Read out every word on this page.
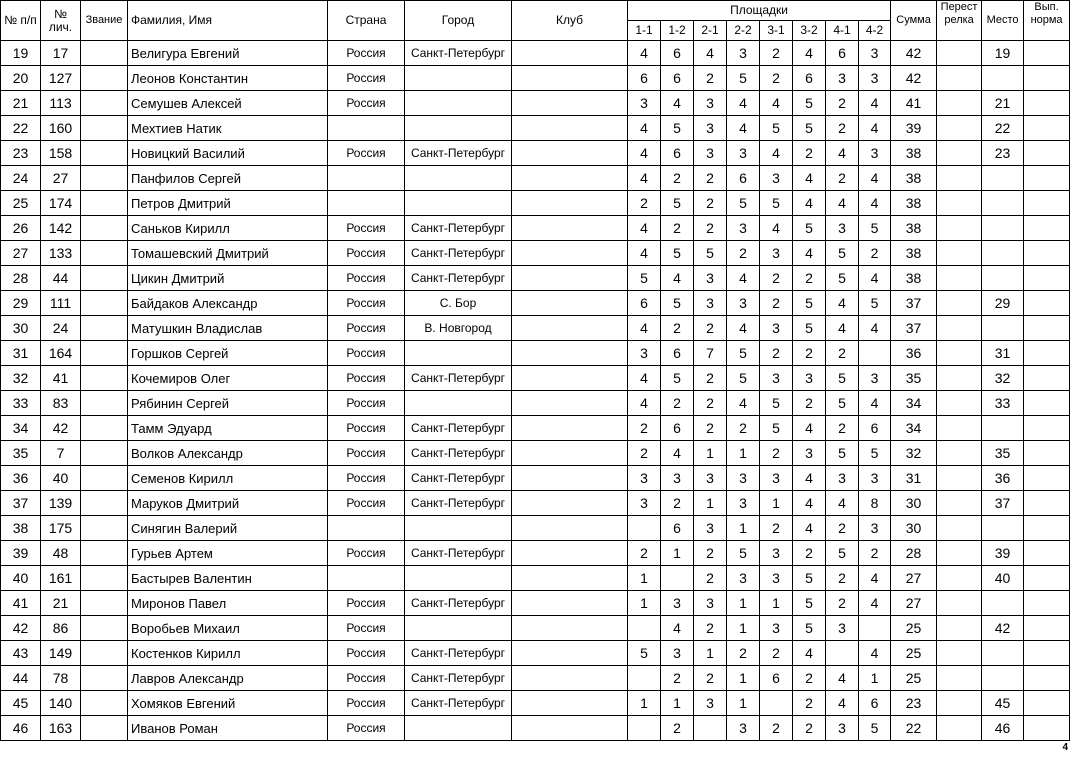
№ п/п	№ лич.	Звание	Фамилия, Имя	Страна	Город	Клуб	Площадки								Сумма	Перест релка	Место	Вып. норма
							1-1	1-2	2-1	2-2	3-1	3-2	4-1	4-2				
19	17		Велигура Евгений	Россия	Санкт-Петербург		4	6	4	3	2	4	6	3	42		19	
20	127		Леонов Константин	Россия			6	6	2	5	2	6	3	3	42			
21	113		Семушев Алексей	Россия			3	4	3	4	4	5	2	4	41		21	
22	160		Мехтиев Натик				4	5	3	4	5	5	2	4	39		22	
23	158		Новицкий Василий	Россия	Санкт-Петербург		4	6	3	3	4	2	4	3	38		23	
24	27		Панфилов Сергей				4	2	2	6	3	4	2	4	38			
25	174		Петров Дмитрий				2	5	2	5	5	4	4	4	38			
26	142		Саньков Кирилл	Россия	Санкт-Петербург		4	2	2	3	4	5	3	5	38			
27	133		Томашевский Дмитрий	Россия	Санкт-Петербург		4	5	5	2	3	4	5	2	38			
28	44		Цикин Дмитрий	Россия	Санкт-Петербург		5	4	3	4	2	2	5	4	38			
29	111		Байдаков Александр	Россия	С. Бор		6	5	3	3	2	5	4	5	37		29	
30	24		Матушкин Владислав	Россия	В. Новгород		4	2	2	4	3	5	4	4	37			
31	164		Горшков Сергей	Россия			3	6	7	5	2	2	2		36		31	
32	41		Кочемиров Олег	Россия	Санкт-Петербург		4	5	2	5	3	3	5	3	35		32	
33	83		Рябинин Сергей	Россия			4	2	2	4	5	2	5	4	34		33	
34	42		Тамм Эдуард	Россия	Санкт-Петербург		2	6	2	2	5	4	2	6	34			
35	7		Волков Александр	Россия	Санкт-Петербург		2	4	1	1	2	3	5	5	32		35	
36	40		Семенов Кирилл	Россия	Санкт-Петербург		3	3	3	3	3	4	3	3	31		36	
37	139		Маруков Дмитрий	Россия	Санкт-Петербург		3	2	1	3	1	4	4	8	30		37	
38	175		Синягин Валерий					6	3	1	2	4	2	3	30			
39	48		Гурьев Артем	Россия	Санкт-Петербург		2	1	2	5	3	2	5	2	28		39	
40	161		Бастырев Валентин				1		2	3	3	5	2	4	27		40	
41	21		Миронов Павел	Россия	Санкт-Петербург		1	3	3	1	1	5	2	4	27			
42	86		Воробьев Михаил	Россия				4	2	1	3	5	3		25		42	
43	149		Костенков Кирилл	Россия	Санкт-Петербург		5	3	1	2	2	4		4	25			
44	78		Лавров Александр	Россия	Санкт-Петербург			2	2	1	6	2	4	1	25			
45	140		Хомяков Евгений	Россия	Санкт-Петербург		1	1	3	1		2	4	6	23		45	
46	163		Иванов Роман	Россия				2		3	2	2	3	5	22		46	
4
